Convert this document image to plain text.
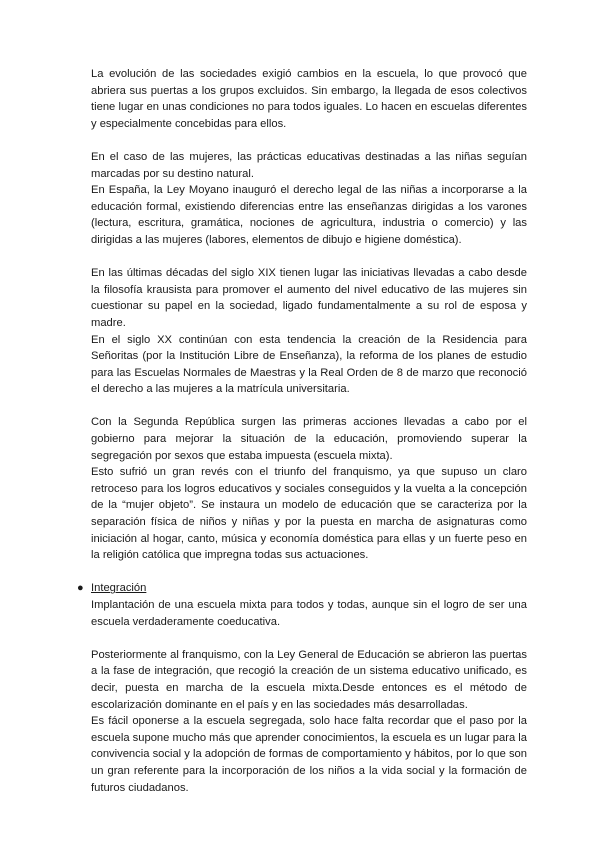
La evolución de las sociedades exigió cambios en la escuela, lo que provocó que abriera sus puertas a los grupos excluidos. Sin embargo, la llegada de esos colectivos tiene lugar en unas condiciones no para todos iguales. Lo hacen en escuelas diferentes y especialmente concebidas para ellos.

En el caso de las mujeres, las prácticas educativas destinadas a las niñas seguían marcadas por su destino natural.

En España, la Ley Moyano inauguró el derecho legal de las niñas a incorporarse a la educación formal, existiendo diferencias entre las enseñanzas dirigidas a los varones (lectura, escritura, gramática, nociones de agricultura, industria o comercio) y las dirigidas a las mujeres (labores, elementos de dibujo e higiene doméstica).

En las últimas décadas del siglo XIX tienen lugar las iniciativas llevadas a cabo desde la filosofía krausista para promover el aumento del nivel educativo de las mujeres sin cuestionar su papel en la sociedad, ligado fundamentalmente a su rol de esposa y madre.

En el siglo XX continúan con esta tendencia la creación de la Residencia para Señoritas (por la Institución Libre de Enseñanza), la reforma de los planes de estudio para las Escuelas Normales de Maestras y la Real Orden de 8 de marzo que reconoció el derecho a las mujeres a la matrícula universitaria.

Con la Segunda República surgen las primeras acciones llevadas a cabo por el gobierno para mejorar la situación de la educación, promoviendo superar la segregación por sexos que estaba impuesta (escuela mixta).

Esto sufrió un gran revés con el triunfo del franquismo, ya que supuso un claro retroceso para los logros educativos y sociales conseguidos y la vuelta a la concepción de la “mujer objeto”. Se instaura un modelo de educación que se caracteriza por la separación física de niños y niñas y por la puesta en marcha de asignaturas como iniciación al hogar, canto, música y economía doméstica para ellas y un fuerte peso en la religión católica que impregna todas sus actuaciones.

● Integración

Implantación de una escuela mixta para todos y todas, aunque sin el logro de ser una escuela verdaderamente coeducativa.

Posteriormente al franquismo, con la Ley General de Educación se abrieron las puertas a la fase de integración, que recogió la creación de un sistema educativo unificado, es decir, puesta en marcha de la escuela mixta.Desde entonces es el método de escolarización dominante en el país y en las sociedades más desarrolladas.

Es fácil oponerse a la escuela segregada, solo hace falta recordar que el paso por la escuela supone mucho más que aprender conocimientos, la escuela es un lugar para la convivencia social y la adopción de formas de comportamiento y hábitos, por lo que son un gran referente para la incorporación de los niños a la vida social y la formación de futuros ciudadanos.
